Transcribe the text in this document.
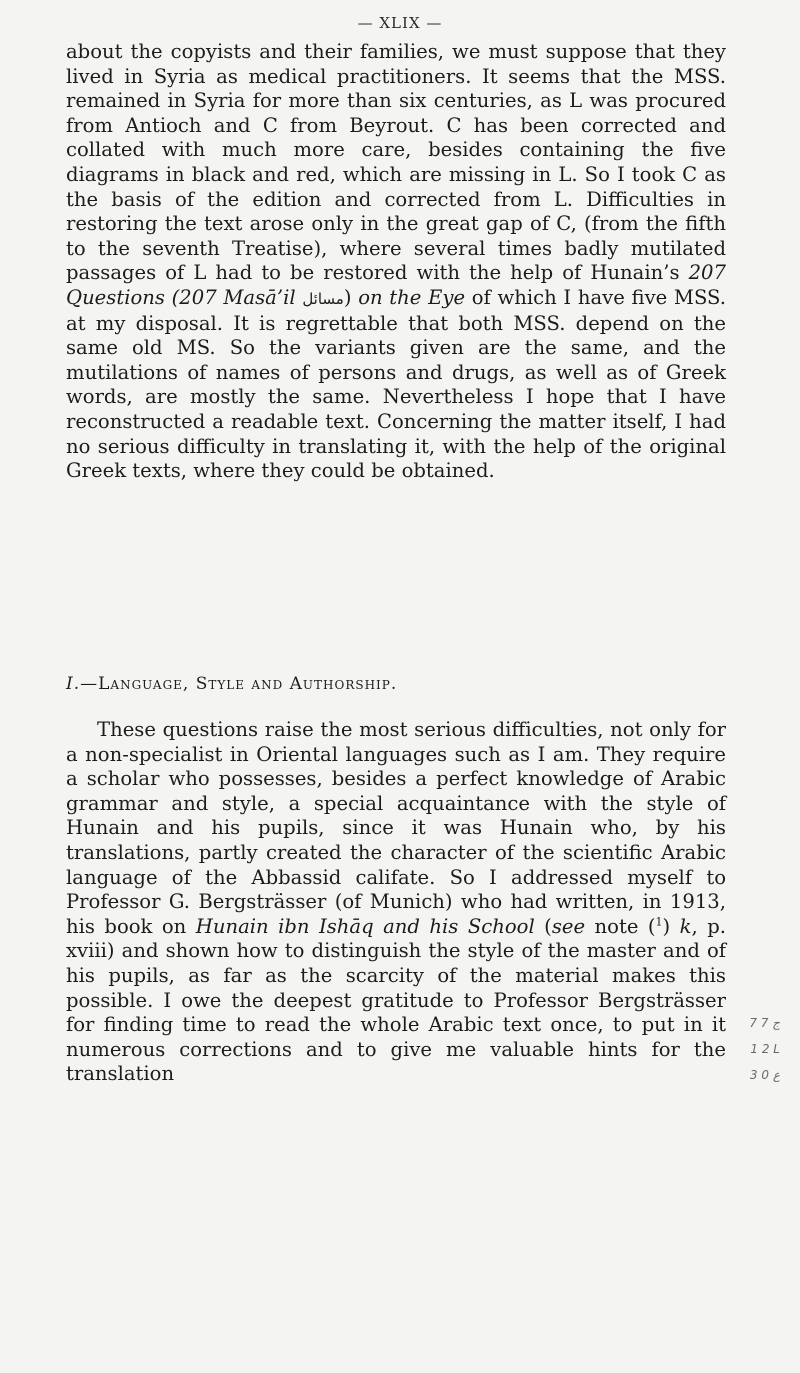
— XLIX —

about the copyists and their families, we must suppose that they lived in Syria as medical practitioners. It seems that the MSS. remained in Syria for more than six centuries, as L was procured from Antioch and C from Beyrout. C has been corrected and collated with much more care, besides containing the five diagrams in black and red, which are missing in L. So I took C as the basis of the edition and corrected from L. Difficulties in restoring the text arose only in the great gap of C, (from the fifth to the seventh Treatise), where several times badly mutilated passages of L had to be restored with the help of Hunain’s 207 Questions (207 Masā’il مسائل) on the Eye of which I have five MSS. at my disposal. It is regrettable that both MSS. depend on the same old MS. So the variants given are the same, and the mutilations of names of persons and drugs, as well as of Greek words, are mostly the same. Nevertheless I hope that I have reconstructed a readable text. Concerning the matter itself, I had no serious difficulty in translating it, with the help of the original Greek texts, where they could be obtained.

I.—Language, Style and Authorship.

These questions raise the most serious difficulties, not only for a non-specialist in Oriental languages such as I am. They require a scholar who possesses, besides a perfect knowledge of Arabic grammar and style, a special acquaintance with the style of Hunain and his pupils, since it was Hunain who, by his translations, partly created the character of the scientific Arabic language of the Abbassid califate. So I addressed myself to Professor G. Bergsträsser (of Munich) who had written, in 1913, his book on Hunain ibn Ishāq and his School (see note ($^1$) k, p. xviii) and shown how to distinguish the style of the master and of his pupils, as far as the scarcity of the material makes this possible. I owe the deepest gratitude to Professor Bergsträsser for finding time to read the whole Arabic text once, to put in it numerous corrections and to give me valuable hints for the translation

ج 7 7
1 2 L
ع 0 3
